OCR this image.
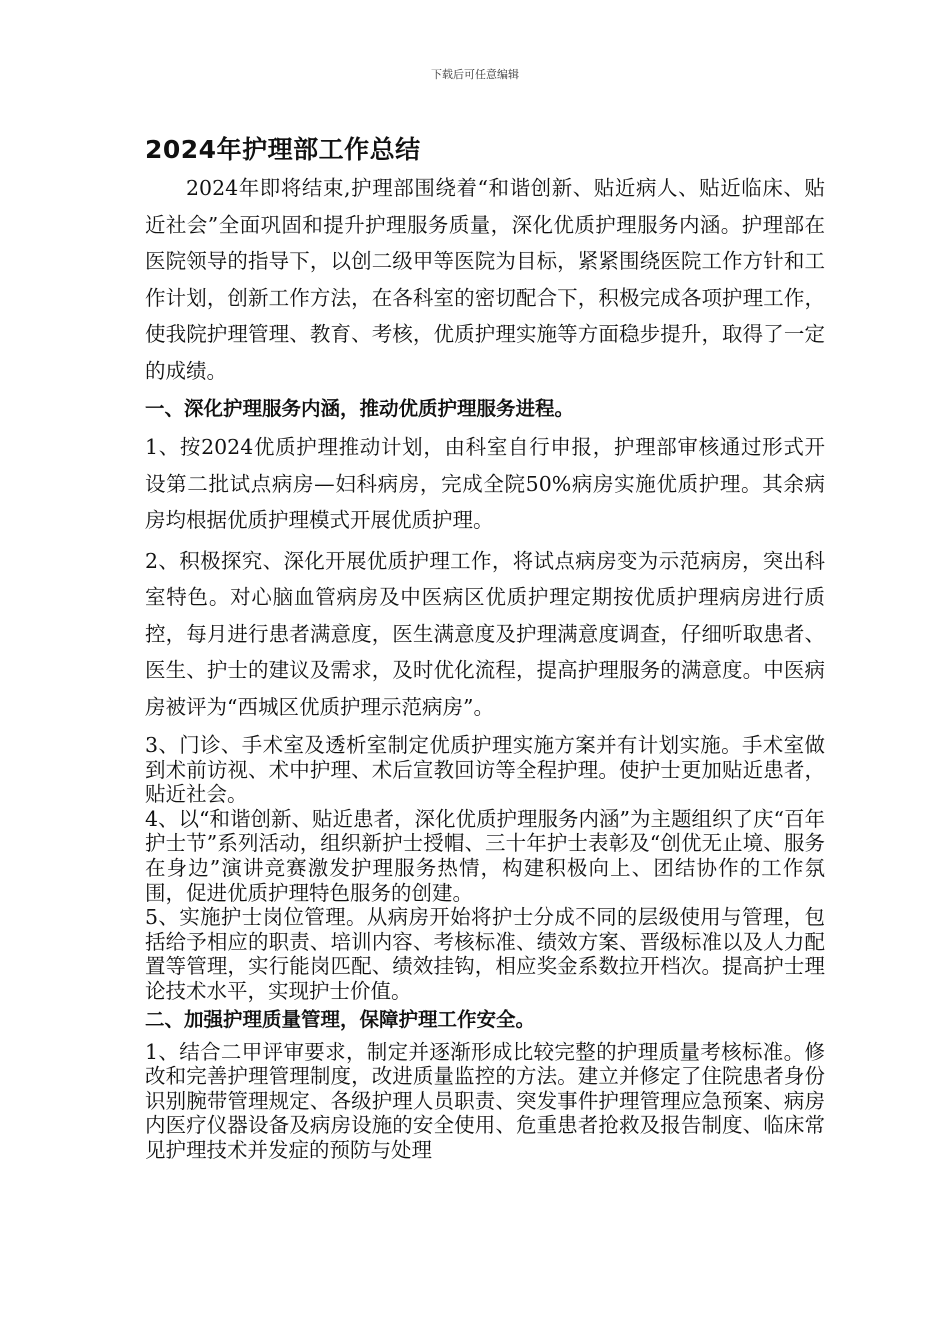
下载后可任意编辑
2024年护理部工作总结

2024年即将结束,护理部围绕着“和谐创新、贴近病人、贴近临床、贴近社会”全面巩固和提升护理服务质量，深化优质护理服务内涵。护理部在医院领导的指导下，以创二级甲等医院为目标，紧紧围绕医院工作方针和工作计划，创新工作方法，在各科室的密切配合下，积极完成各项护理工作，使我院护理管理、教育、考核，优质护理实施等方面稳步提升，取得了一定的成绩。

一、深化护理服务内涵，推动优质护理服务进程。

1、按2024优质护理推动计划，由科室自行申报，护理部审核通过形式开设第二批试点病房—妇科病房，完成全院50%病房实施优质护理。其余病房均根据优质护理模式开展优质护理。

2、积极探究、深化开展优质护理工作，将试点病房变为示范病房，突出科室特色。对心脑血管病房及中医病区优质护理定期按优质护理病房进行质控，每月进行患者满意度，医生满意度及护理满意度调查，仔细听取患者、医生、护士的建议及需求，及时优化流程，提高护理服务的满意度。中医病房被评为“西城区优质护理示范病房”。

3、门诊、手术室及透析室制定优质护理实施方案并有计划实施。手术室做到术前访视、术中护理、术后宣教回访等全程护理。使护士更加贴近患者，贴近社会。

4、以“和谐创新、贴近患者，深化优质护理服务内涵”为主题组织了庆“百年护士节”系列活动，组织新护士授帽、三十年护士表彰及“创优无止境、服务在身边”演讲竞赛激发护理服务热情，构建积极向上、团结协作的工作氛围，促进优质护理特色服务的创建。

5、实施护士岗位管理。从病房开始将护士分成不同的层级使用与管理，包括给予相应的职责、培训内容、考核标准、绩效方案、晋级标准以及人力配置等管理，实行能岗匹配、绩效挂钩，相应奖金系数拉开档次。提高护士理论技术水平，实现护士价值。

二、加强护理质量管理，保障护理工作安全。

1、结合二甲评审要求，制定并逐渐形成比较完整的护理质量考核标准。修改和完善护理管理制度，改进质量监控的方法。建立并修定了住院患者身份识别腕带管理规定、各级护理人员职责、突发事件护理管理应急预案、病房内医疗仪器设备及病房设施的安全使用、危重患者抢救及报告制度、临床常见护理技术并发症的预防与处理
